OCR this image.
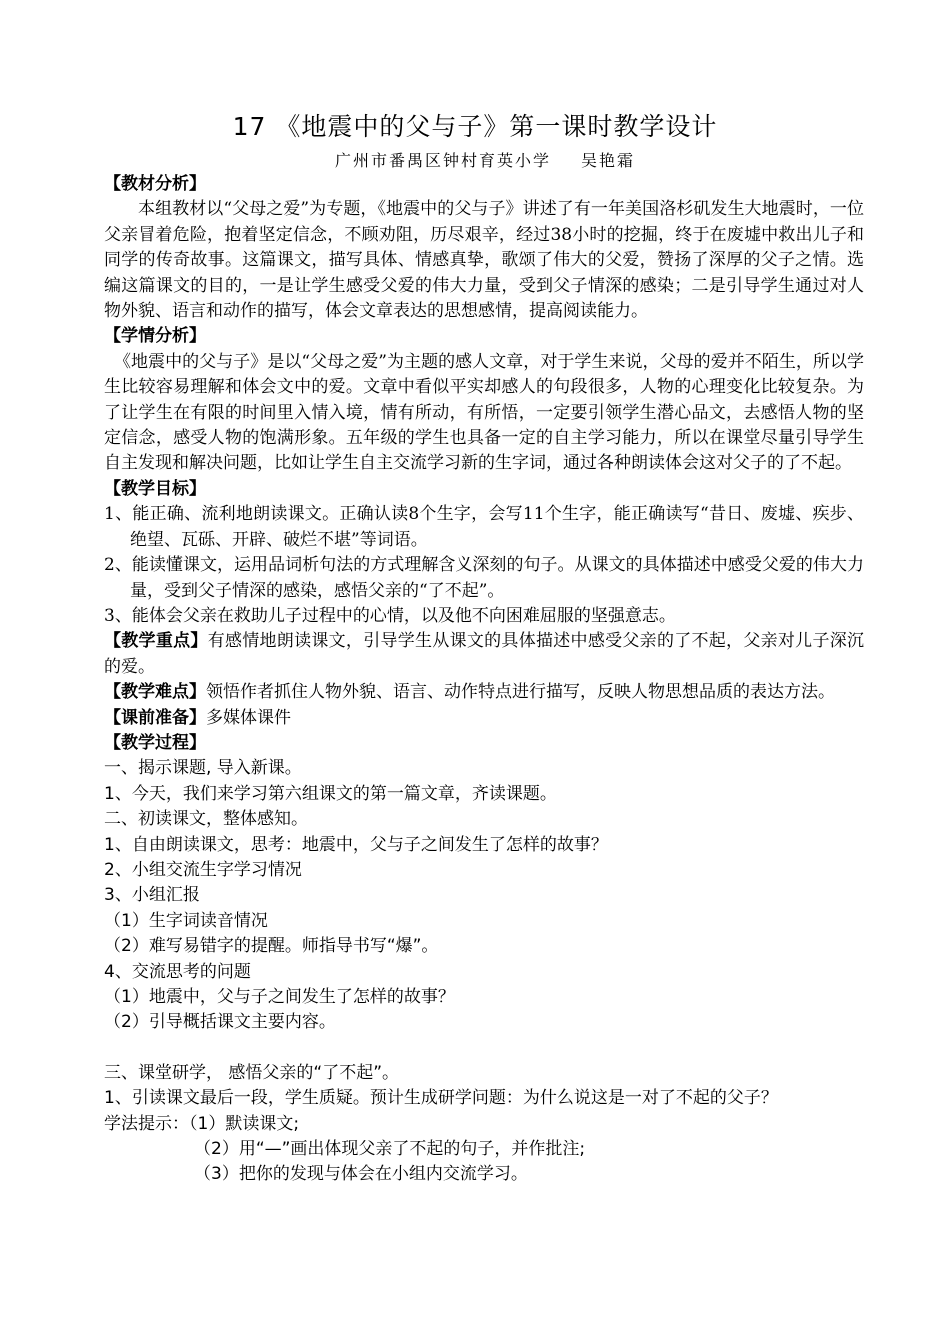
17 《地震中的父与子》第一课时教学设计
广州市番禺区钟村育英小学 吴艳霜

【教材分析】

本组教材以“父母之爱”为专题，《地震中的父与子》讲述了有一年美国洛杉矶发生大地震时，一位父亲冒着危险，抱着坚定信念，不顾劝阻，历尽艰辛，经过38小时的挖掘，终于在废墟中救出儿子和同学的传奇故事。这篇课文，描写具体、情感真挚，歌颂了伟大的父爱，赞扬了深厚的父子之情。选编这篇课文的目的，一是让学生感受父爱的伟大力量，受到父子情深的感染；二是引导学生通过对人物外貌、语言和动作的描写，体会文章表达的思想感情，提高阅读能力。

【学情分析】

《地震中的父与子》是以“父母之爱”为主题的感人文章，对于学生来说，父母的爱并不陌生，所以学生比较容易理解和体会文中的爱。文章中看似平实却感人的句段很多，人物的心理变化比较复杂。为了让学生在有限的时间里入情入境，情有所动，有所悟，一定要引领学生潜心品文，去感悟人物的坚定信念，感受人物的饱满形象。五年级的学生也具备一定的自主学习能力，所以在课堂尽量引导学生自主发现和解决问题，比如让学生自主交流学习新的生字词，通过各种朗读体会这对父子的了不起。

【教学目标】

1、能正确、流利地朗读课文。正确认读8个生字，会写11个生字，能正确读写“昔日、废墟、疾步、绝望、瓦砾、开辟、破烂不堪”等词语。

2、能读懂课文，运用品词析句法的方式理解含义深刻的句子。从课文的具体描述中感受父爱的伟大力量，受到父子情深的感染，感悟父亲的“了不起”。

3、能体会父亲在救助儿子过程中的心情，以及他不向困难屈服的坚强意志。

【教学重点】有感情地朗读课文，引导学生从课文的具体描述中感受父亲的了不起，父亲对儿子深沉的爱。

【教学难点】领悟作者抓住人物外貌、语言、动作特点进行描写，反映人物思想品质的表达方法。

【课前准备】多媒体课件

【教学过程】

一、揭示课题, 导入新课。

1、今天，我们来学习第六组课文的第一篇文章，齐读课题。

二、初读课文，整体感知。

1、自由朗读课文，思考：地震中，父与子之间发生了怎样的故事？

2、小组交流生字学习情况

3、小组汇报

（1）生字词读音情况

（2）难写易错字的提醒。师指导书写“爆”。

4、交流思考的问题

（1）地震中，父与子之间发生了怎样的故事？

（2）引导概括课文主要内容。

三、课堂研学， 感悟父亲的“了不起”。

1、引读课文最后一段，学生质疑。预计生成研学问题：为什么说这是一对了不起的父子？

学法提示：（1）默读课文;

（2）用“—”画出体现父亲了不起的句子，并作批注;

（3）把你的发现与体会在小组内交流学习。
